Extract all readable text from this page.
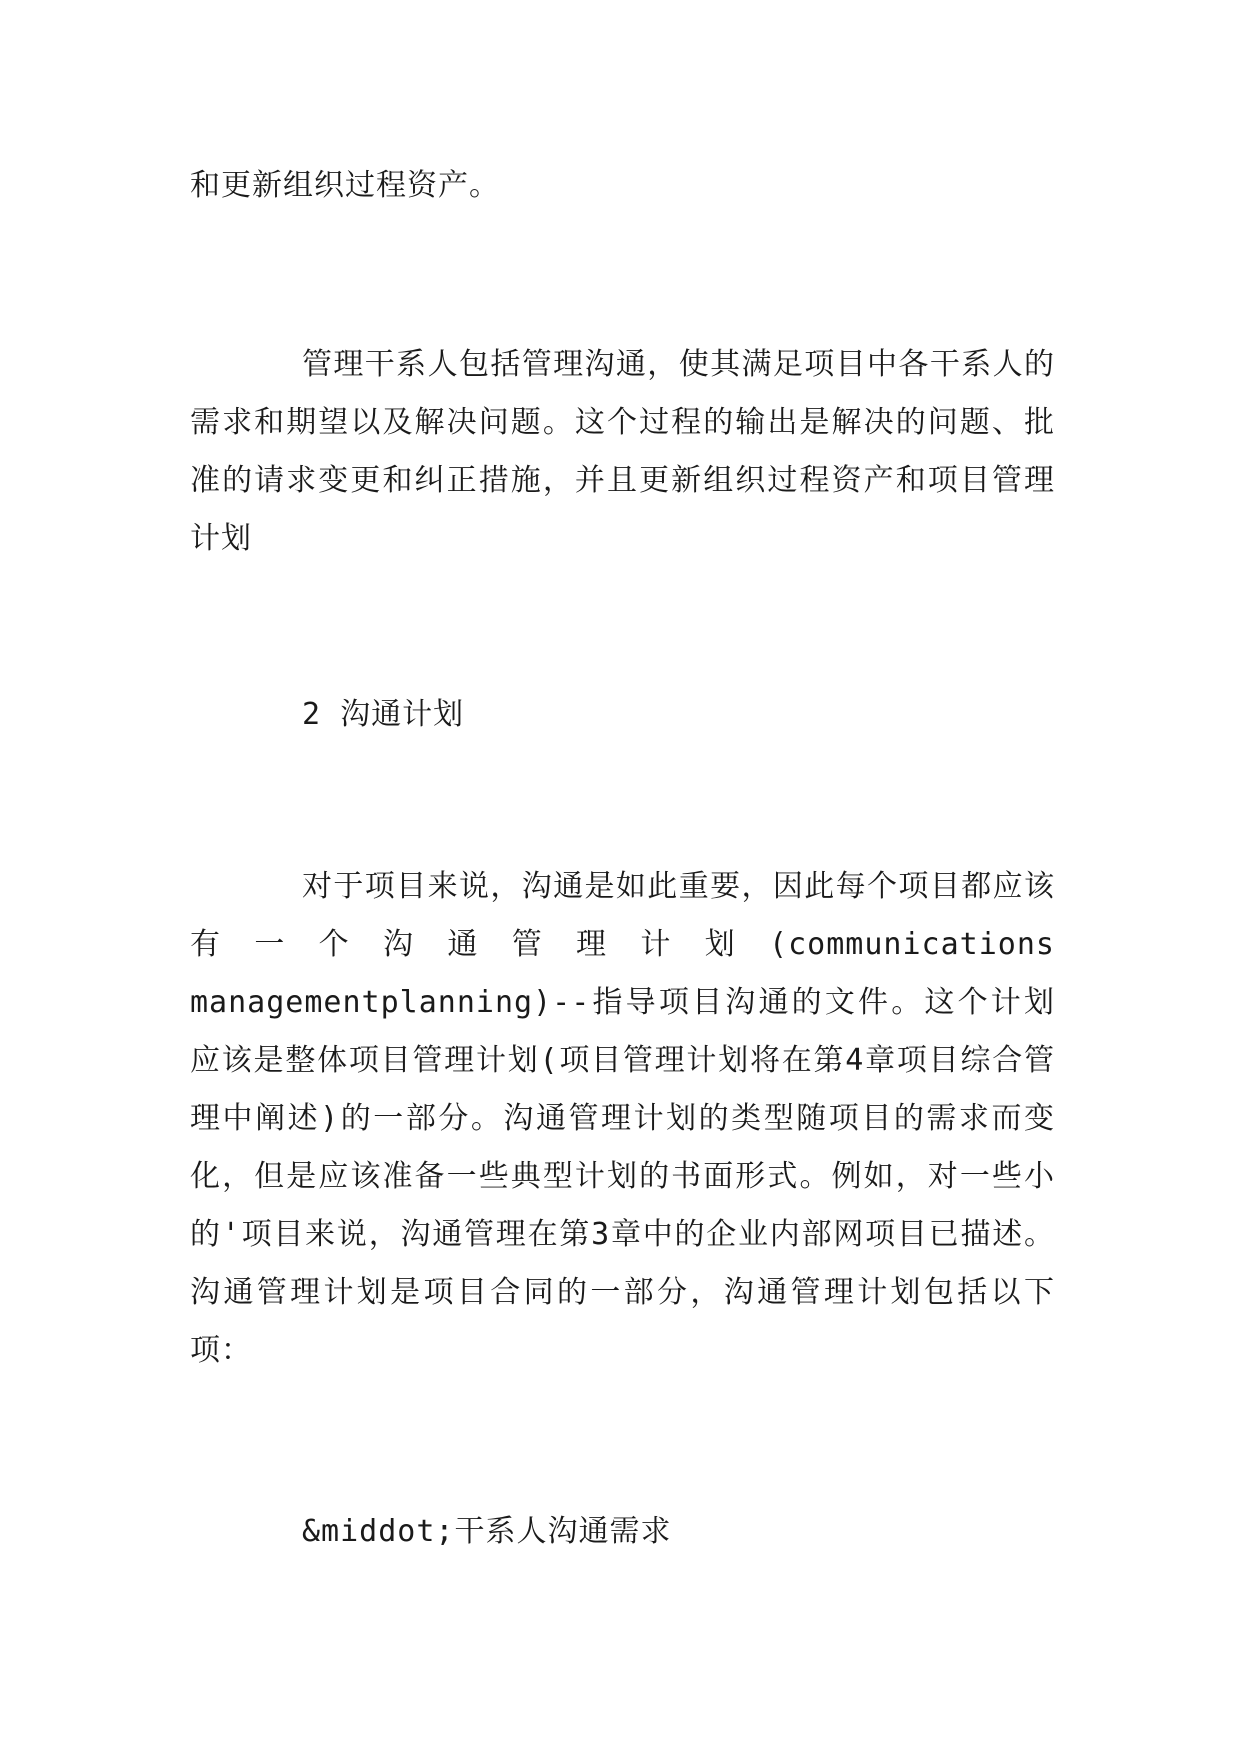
和更新组织过程资产。

管理干系人包括管理沟通，使其满足项目中各干系人的需求和期望以及解决问题。这个过程的输出是解决的问题、批准的请求变更和纠正措施，并且更新组织过程资产和项目管理计划

2 沟通计划

对于项目来说，沟通是如此重要，因此每个项目都应该有一个沟通管理计划(communications managementplanning)--指导项目沟通的文件。这个计划应该是整体项目管理计划(项目管理计划将在第4章项目综合管理中阐述)的一部分。沟通管理计划的类型随项目的需求而变化，但是应该准备一些典型计划的书面形式。例如，对一些小的'项目来说，沟通管理在第3章中的企业内部网项目已描述。沟通管理计划是项目合同的一部分，沟通管理计划包括以下项：

&middot;干系人沟通需求
